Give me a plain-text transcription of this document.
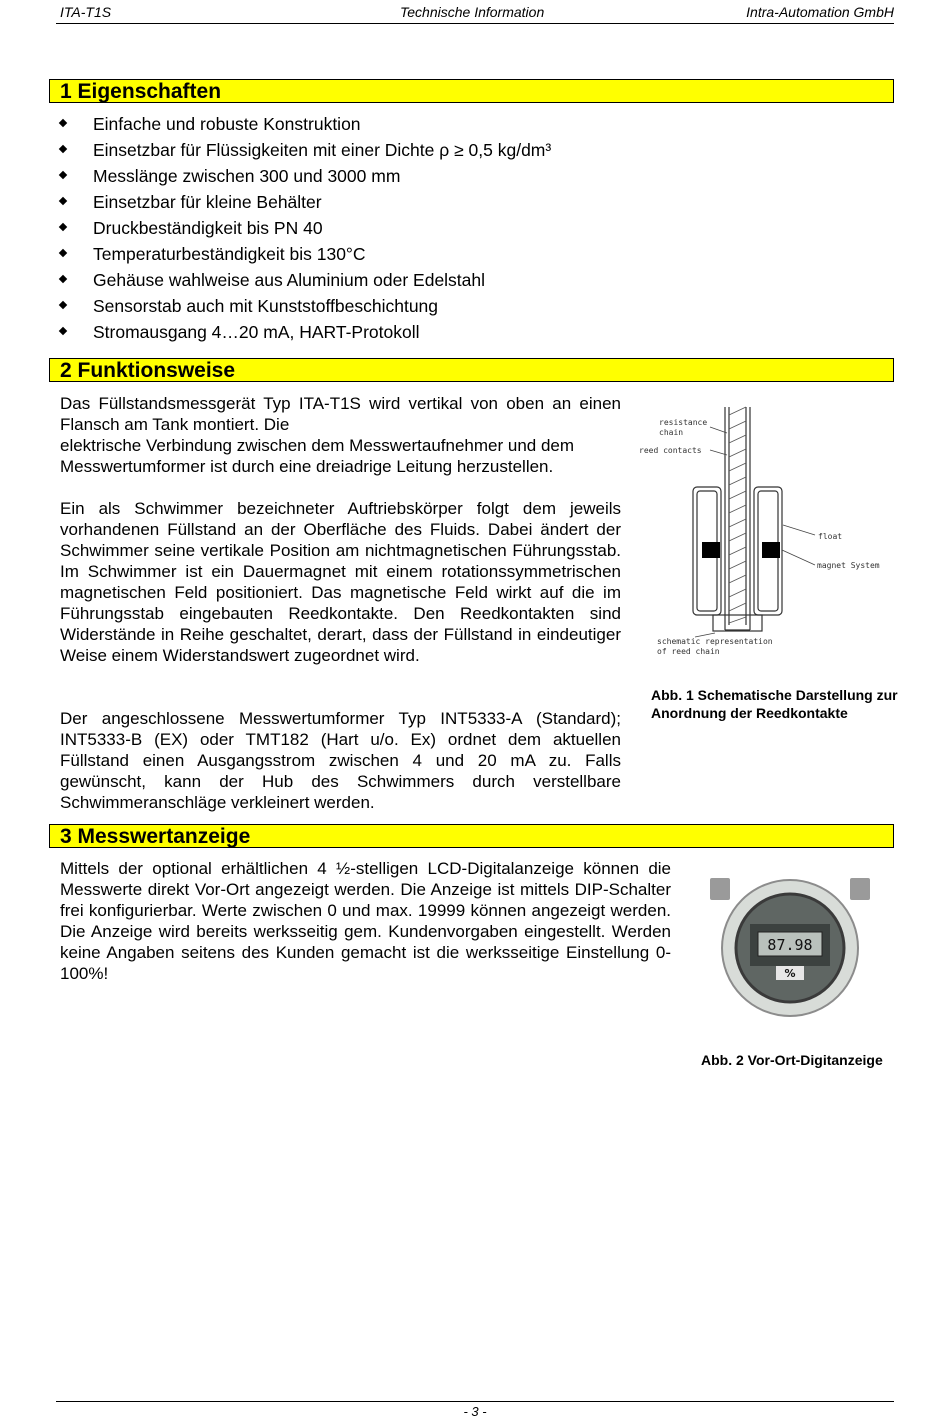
ITA-T1S	Technische Information	Intra-Automation GmbH
1 Eigenschaften
Einfache und robuste Konstruktion
Einsetzbar für Flüssigkeiten mit einer Dichte ρ ≥ 0,5 kg/dm³
Messlänge zwischen 300 und 3000 mm
Einsetzbar für kleine Behälter
Druckbeständigkeit bis PN 40
Temperaturbeständigkeit bis 130°C
Gehäuse wahlweise aus Aluminium oder Edelstahl
Sensorstab auch mit Kunststoffbeschichtung
Stromausgang 4…20 mA, HART-Protokoll
2 Funktionsweise

Das Füllstandsmessgerät Typ ITA-T1S wird vertikal von oben an einen Flansch am Tank montiert. Die

elektrische Verbindung zwischen dem Messwertaufnehmer und dem Messwertumformer ist durch eine dreiadrige Leitung herzustellen.

Ein als Schwimmer bezeichneter Auftriebskörper folgt dem jeweils vorhandenen Füllstand an der Oberfläche des Fluids. Dabei ändert der Schwimmer seine vertikale Position am nichtmagnetischen Führungsstab. Im Schwimmer ist ein Dauermagnet mit einem rotationssymmetrischen magnetischen Feld positioniert. Das magnetische Feld wirkt auf die im Führungsstab eingebauten Reedkontakte. Den Reedkontakten sind Widerstände in Reihe geschaltet, derart, dass der Füllstand in eindeutiger Weise einem Widerstandswert zugeordnet wird.

Der angeschlossene Messwertumformer Typ INT5333-A (Standard); INT5333-B (EX) oder TMT182 (Hart u/o. Ex) ordnet dem aktuellen Füllstand einen Ausgangsstrom zwischen 4 und 20 mA zu. Falls gewünscht, kann der Hub des Schwimmers durch verstellbare Schwimmeranschläge verkleinert werden.

resistance
chain
reed contacts
float
magnet System
schematic representation
of reed chain
Abb. 1 Schematische Darstellung zur Anordnung der Reedkontakte
3 Messwertanzeige

Mittels der optional erhältlichen 4 ½-stelligen LCD-Digitalanzeige können die Messwerte direkt Vor-Ort angezeigt werden. Die Anzeige ist mittels DIP-Schalter frei konfigurierbar. Werte zwischen 0 und max. 19999 können angezeigt werden. Die Anzeige wird bereits werksseitig gem. Kundenvorgaben eingestellt. Werden keine Angaben seitens des Kunden gemacht ist die werksseitige Einstellung 0- 100%!

87.98
%
Abb. 2 Vor-Ort-Digitanzeige
- 3 -
